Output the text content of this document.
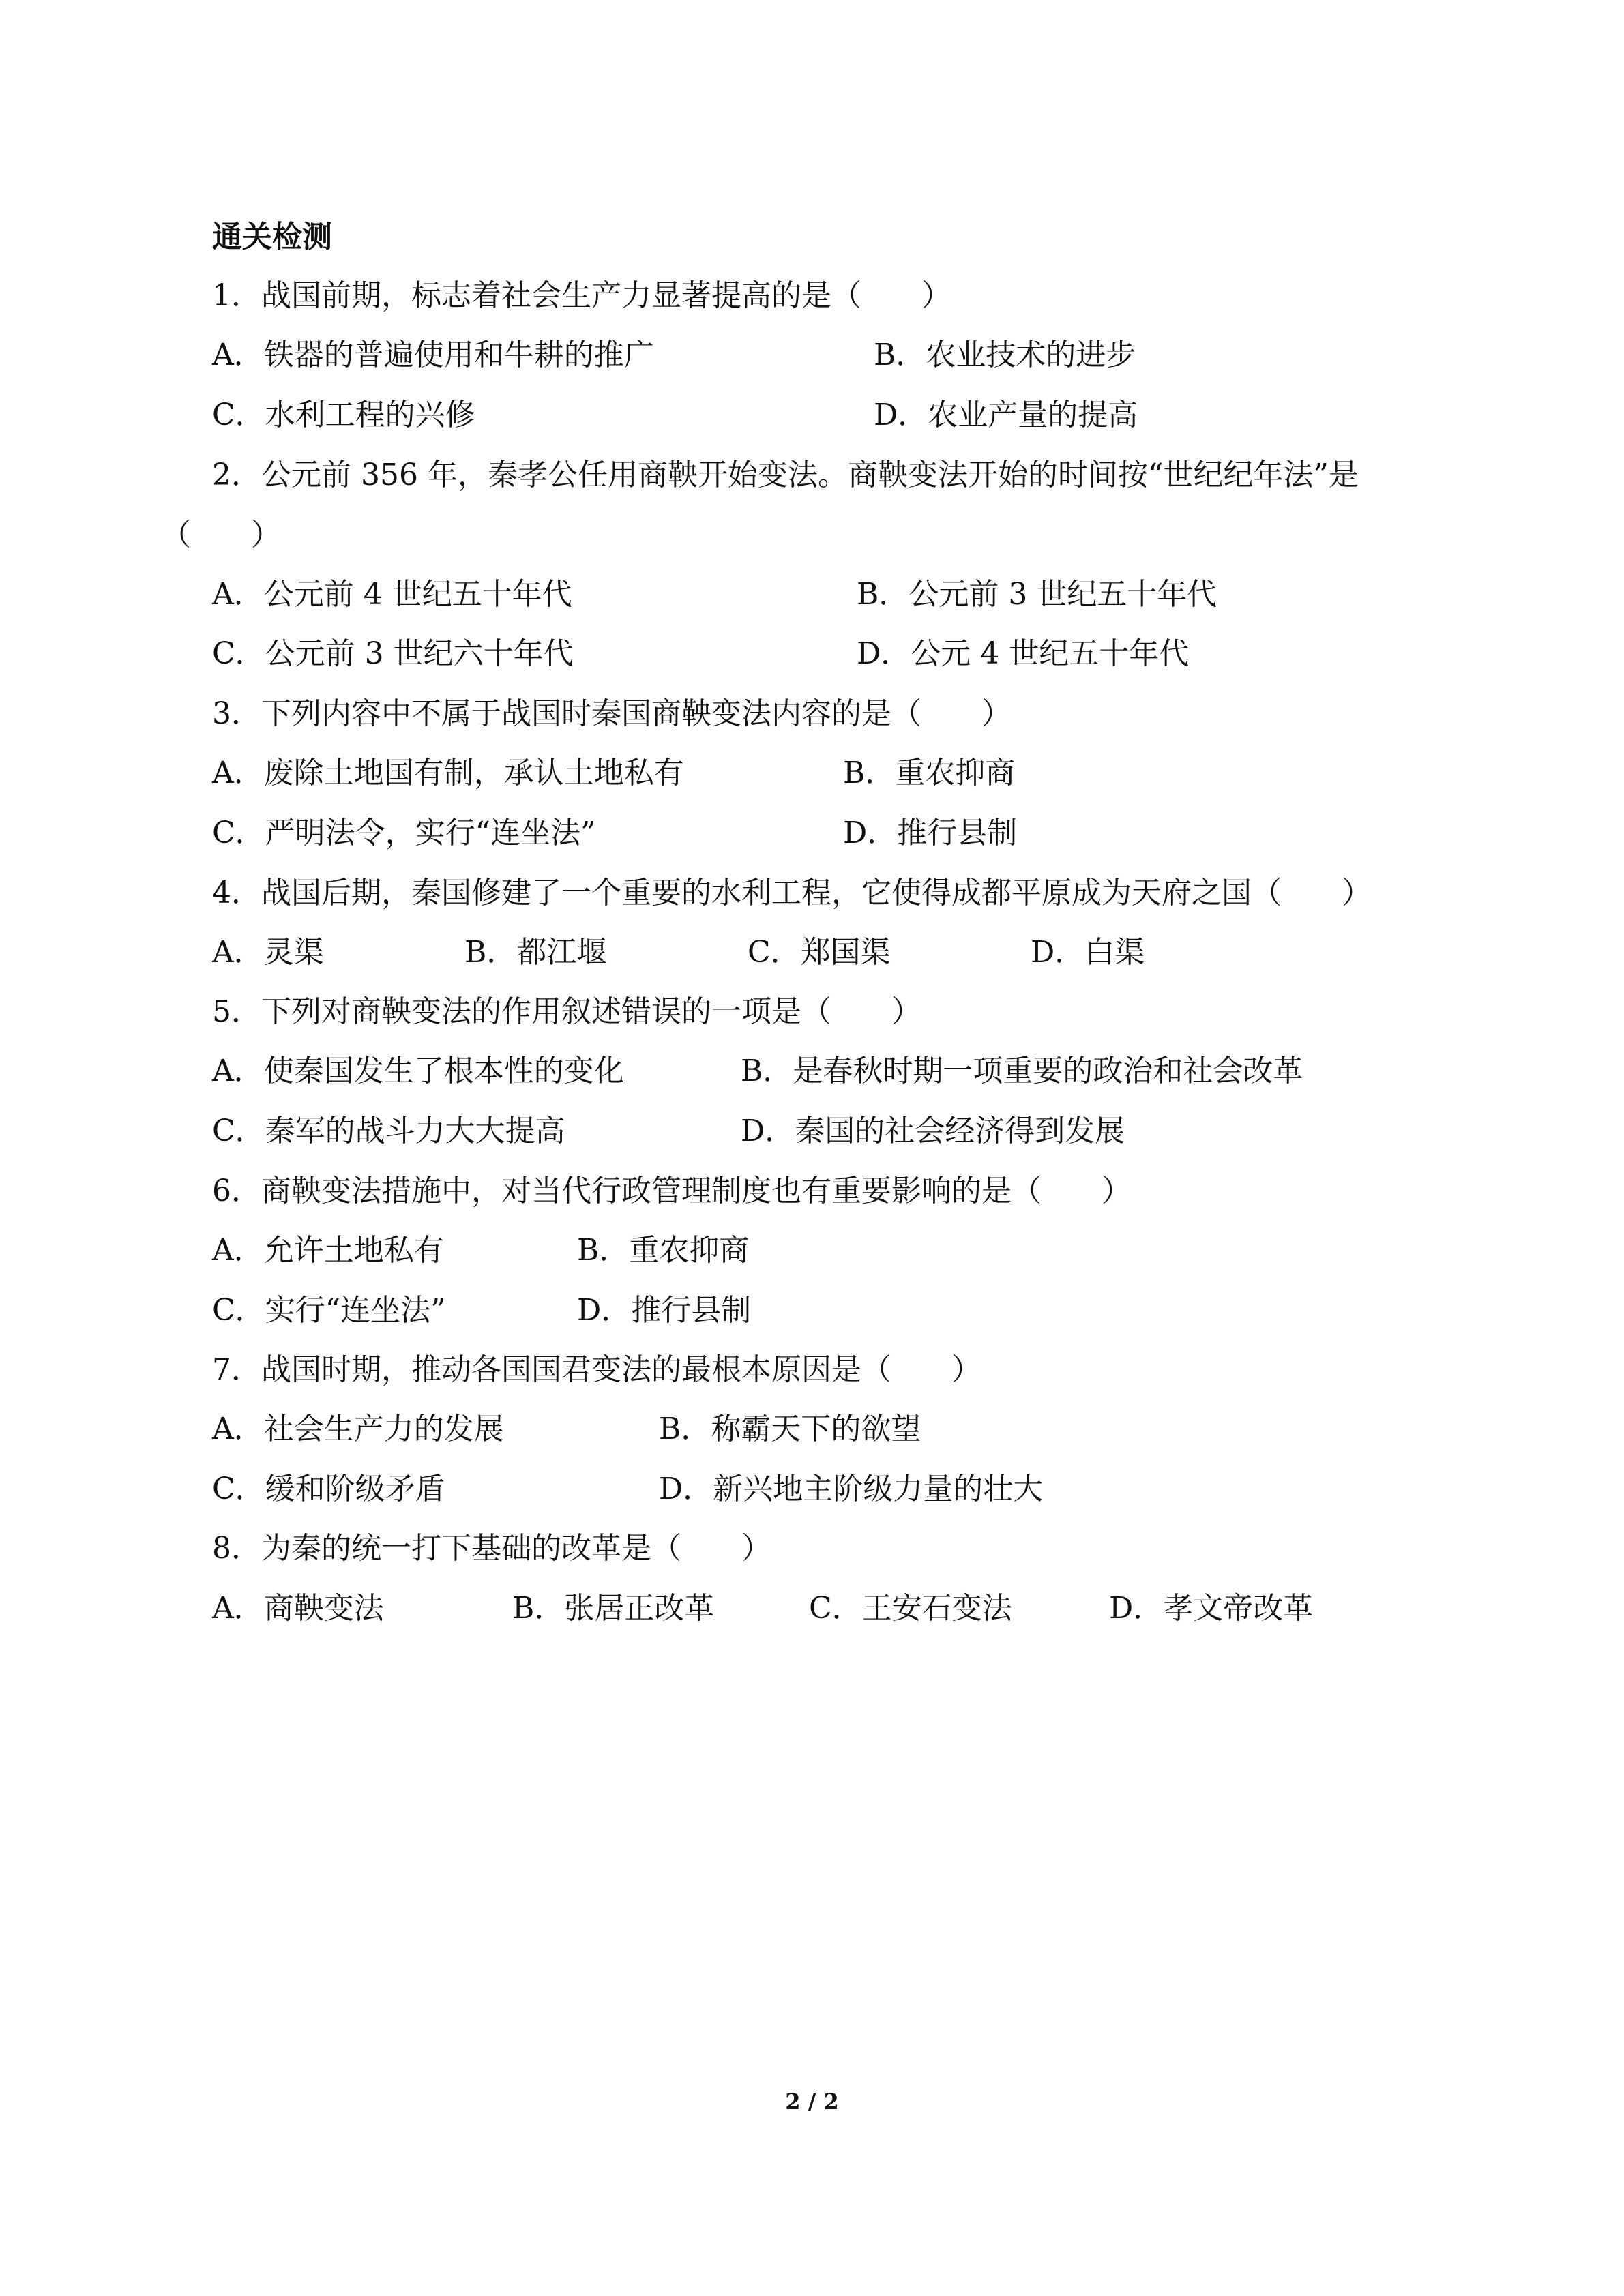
通关检测
1．战国前期，标志着社会生产力显著提高的是（　　）
A．铁器的普遍使用和牛耕的推广	B．农业技术的进步
C．水利工程的兴修	D．农业产量的提高
2．公元前 356 年，秦孝公任用商鞅开始变法。商鞅变法开始的时间按“世纪纪年法”是
（　　）
A．公元前 4 世纪五十年代	B．公元前 3 世纪五十年代
C．公元前 3 世纪六十年代	D．公元 4 世纪五十年代
3．下列内容中不属于战国时秦国商鞅变法内容的是（　　）
A．废除土地国有制，承认土地私有	B．重农抑商
C．严明法令，实行“连坐法”	D．推行县制
4．战国后期，秦国修建了一个重要的水利工程，它使得成都平原成为天府之国（　　）
A．灵渠	B．都江堰	C．郑国渠	D．白渠
5．下列对商鞅变法的作用叙述错误的一项是（　　）
A．使秦国发生了根本性的变化	B．是春秋时期一项重要的政治和社会改革
C．秦军的战斗力大大提高	D．秦国的社会经济得到发展
6．商鞅变法措施中，对当代行政管理制度也有重要影响的是（　　）
A．允许土地私有	B．重农抑商
C．实行“连坐法”	D．推行县制
7．战国时期，推动各国国君变法的最根本原因是（　　）
A．社会生产力的发展	B．称霸天下的欲望
C．缓和阶级矛盾	D．新兴地主阶级力量的壮大
8．为秦的统一打下基础的改革是（　　）
A．商鞅变法	B．张居正改革	C．王安石变法	D．孝文帝改革
2 / 2
